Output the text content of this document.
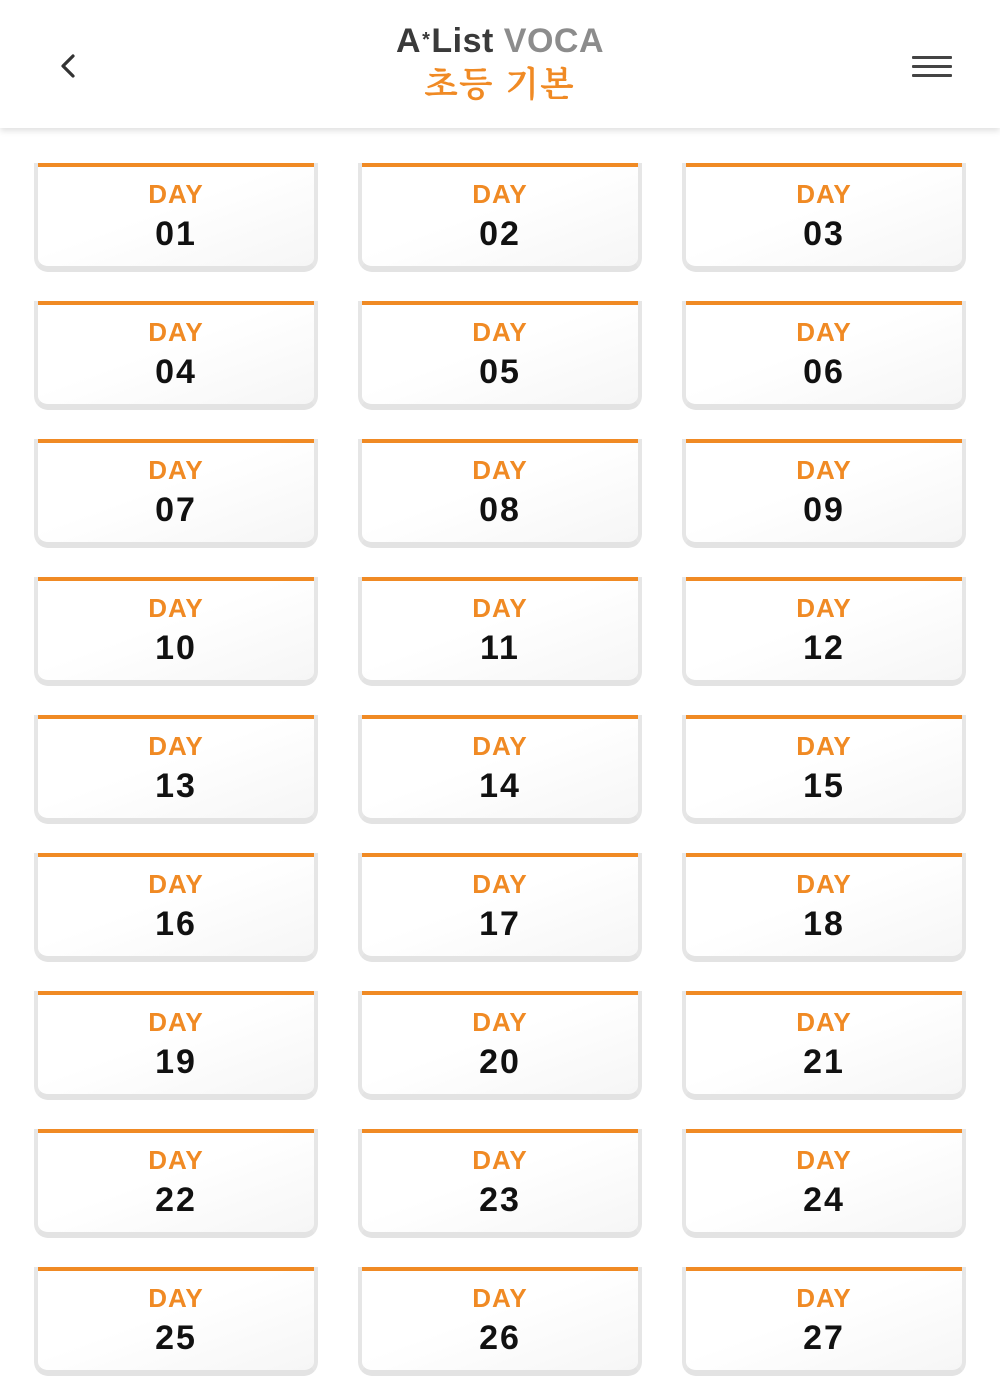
A*List VOCA
초등 기본
DAY
01
DAY
02
DAY
03
DAY
04
DAY
05
DAY
06
DAY
07
DAY
08
DAY
09
DAY
10
DAY
11
DAY
12
DAY
13
DAY
14
DAY
15
DAY
16
DAY
17
DAY
18
DAY
19
DAY
20
DAY
21
DAY
22
DAY
23
DAY
24
DAY
25
DAY
26
DAY
27
